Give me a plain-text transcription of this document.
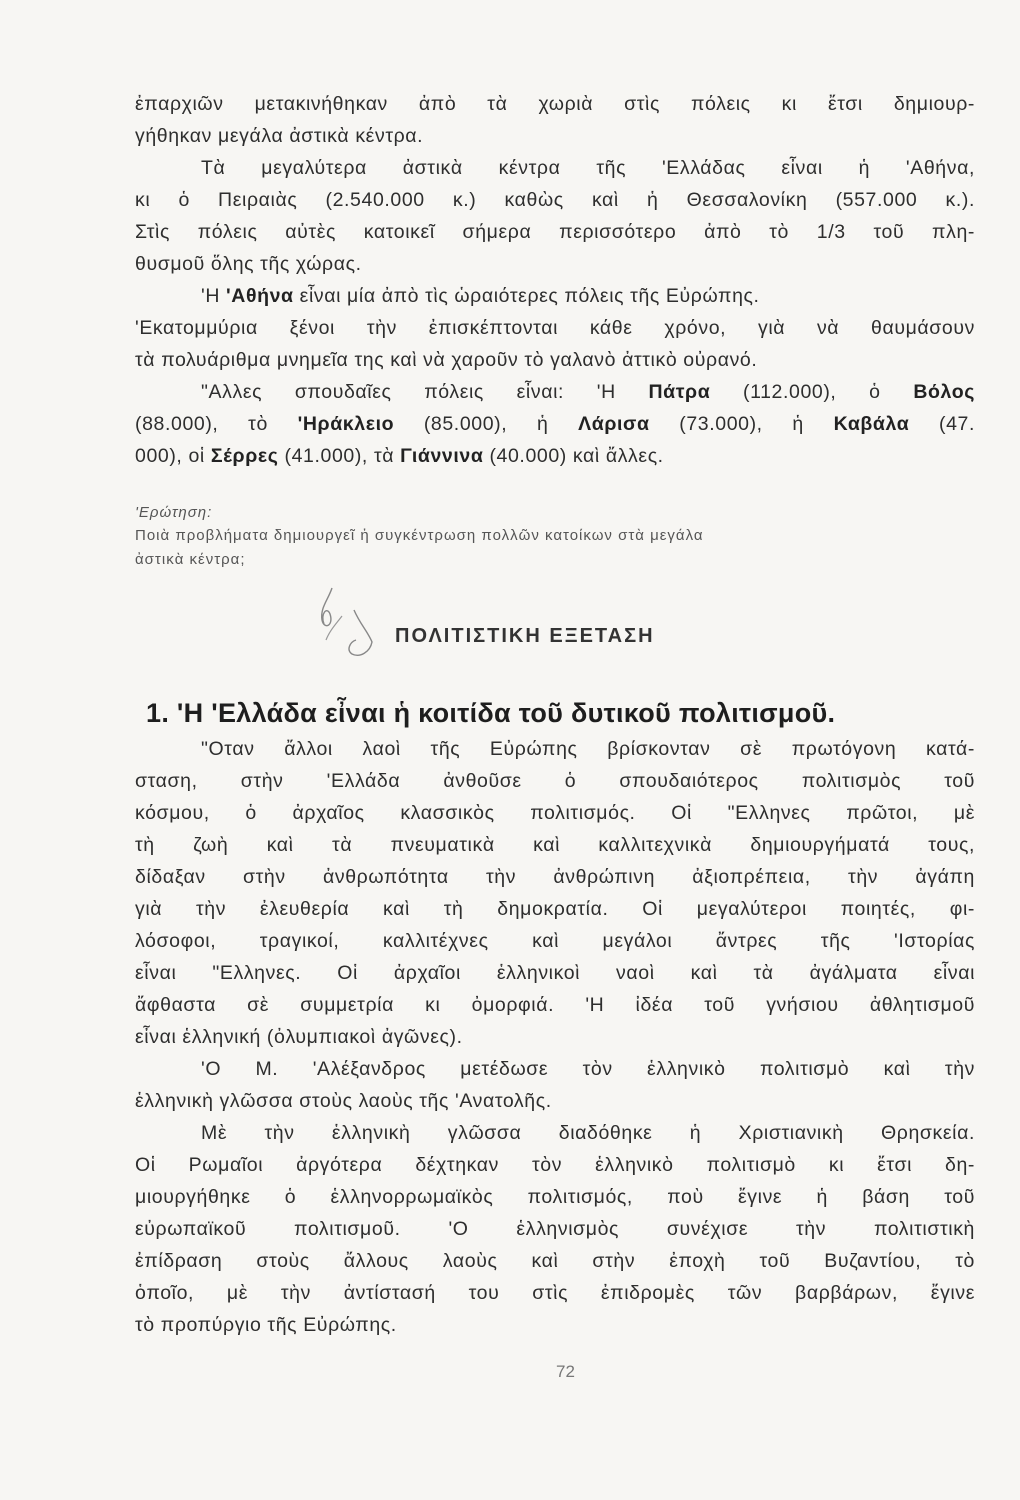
ἐπαρχιῶν μετακινήθηκαν ἀπὸ τὰ χωριὰ στὶς πόλεις κι ἔτσι δημιουρ-

γήθηκαν μεγάλα ἀστικὰ κέντρα.

Τὰ μεγαλύτερα ἀστικὰ κέντρα τῆς 'Ελλάδας εἶναι ἡ 'Αθήνα,

κι ὁ Πειραιὰς (2.540.000 κ.) καθὼς καὶ ἡ Θεσσαλονίκη (557.000 κ.).

Στὶς πόλεις αὐτὲς κατοικεῖ σήμερα περισσότερο ἀπὸ τὸ 1/3 τοῦ πλη-

θυσμοῦ ὅλης τῆς χώρας.

'Η 'Αθήνα εἶναι μία ἀπὸ τὶς ὡραιότερες πόλεις τῆς Εὐρώπης.

'Εκατομμύρια ξένοι τὴν ἐπισκέπτονται κάθε χρόνο, γιὰ νὰ θαυμάσουν

τὰ πολυάριθμα μνημεῖα της καὶ νὰ χαροῦν τὸ γαλανὸ ἀττικὸ οὐρανό.

"Αλλες σπουδαῖες πόλεις εἶναι: 'Η Πάτρα (112.000), ὁ Βόλος

(88.000), τὸ 'Ηράκλειο (85.000), ἡ Λάρισα (73.000), ἡ Καβάλα (47.

000), οἱ Σέρρες (41.000), τὰ Γιάννινα (40.000) καὶ ἄλλες.

'Ερώτηση:
Ποιὰ προβλήματα δημιουργεῖ ἡ συγκέντρωση πολλῶν κατοίκων στὰ μεγάλα
ἀστικὰ κέντρα;
ΠΟΛΙΤΙΣΤΙΚΗ ΕΞΕΤΑΣΗ
1. 'Η 'Ελλάδα εἶναι ἡ κοιτίδα τοῦ δυτικοῦ πολιτισμοῦ.

"Οταν ἄλλοι λαοὶ τῆς Εὐρώπης βρίσκονταν σὲ πρωτόγονη κατά-

σταση, στὴν 'Ελλάδα ἀνθοῦσε ὁ σπουδαιότερος πολιτισμὸς τοῦ

κόσμου, ὁ ἀρχαῖος κλασσικὸς πολιτισμός. Οἱ "Ελληνες πρῶτοι, μὲ

τὴ ζωὴ καὶ τὰ πνευματικὰ καὶ καλλιτεχνικὰ δημιουργήματά τους,

δίδαξαν στὴν ἀνθρωπότητα τὴν ἀνθρώπινη ἀξιοπρέπεια, τὴν ἀγάπη

γιὰ τὴν ἐλευθερία καὶ τὴ δημοκρατία. Οἱ μεγαλύτεροι ποιητές, φι-

λόσοφοι, τραγικοί, καλλιτέχνες καὶ μεγάλοι ἄντρες τῆς 'Ιστορίας

εἶναι "Ελληνες. Οἱ ἀρχαῖοι ἑλληνικοὶ ναοὶ καὶ τὰ ἀγάλματα εἶναι

ἄφθαστα σὲ συμμετρία κι ὀμορφιά. 'Η ἰδέα τοῦ γνήσιου ἀθλητισμοῦ

εἶναι ἑλληνική (ὀλυμπιακοὶ ἀγῶνες).

'Ο Μ. 'Αλέξανδρος μετέδωσε τὸν ἑλληνικὸ πολιτισμὸ καὶ τὴν

ἑλληνικὴ γλῶσσα στοὺς λαοὺς τῆς 'Ανατολῆς.

Μὲ τὴν ἑλληνικὴ γλῶσσα διαδόθηκε ἡ Χριστιανικὴ Θρησκεία.

Οἱ Ρωμαῖοι ἀργότερα δέχτηκαν τὸν ἑλληνικὸ πολιτισμὸ κι ἔτσι δη-

μιουργήθηκε ὁ ἑλληνορρωμαϊκὸς πολιτισμός, ποὺ ἔγινε ἡ βάση τοῦ

εὐρωπαϊκοῦ πολιτισμοῦ. 'Ο ἑλληνισμὸς συνέχισε τὴν πολιτιστικὴ

ἐπίδραση στοὺς ἄλλους λαοὺς καὶ στὴν ἐποχὴ τοῦ Βυζαντίου, τὸ

ὁποῖο, μὲ τὴν ἀντίστασή του στὶς ἐπιδρομὲς τῶν βαρβάρων, ἔγινε

τὸ προπύργιο τῆς Εὐρώπης.

72
